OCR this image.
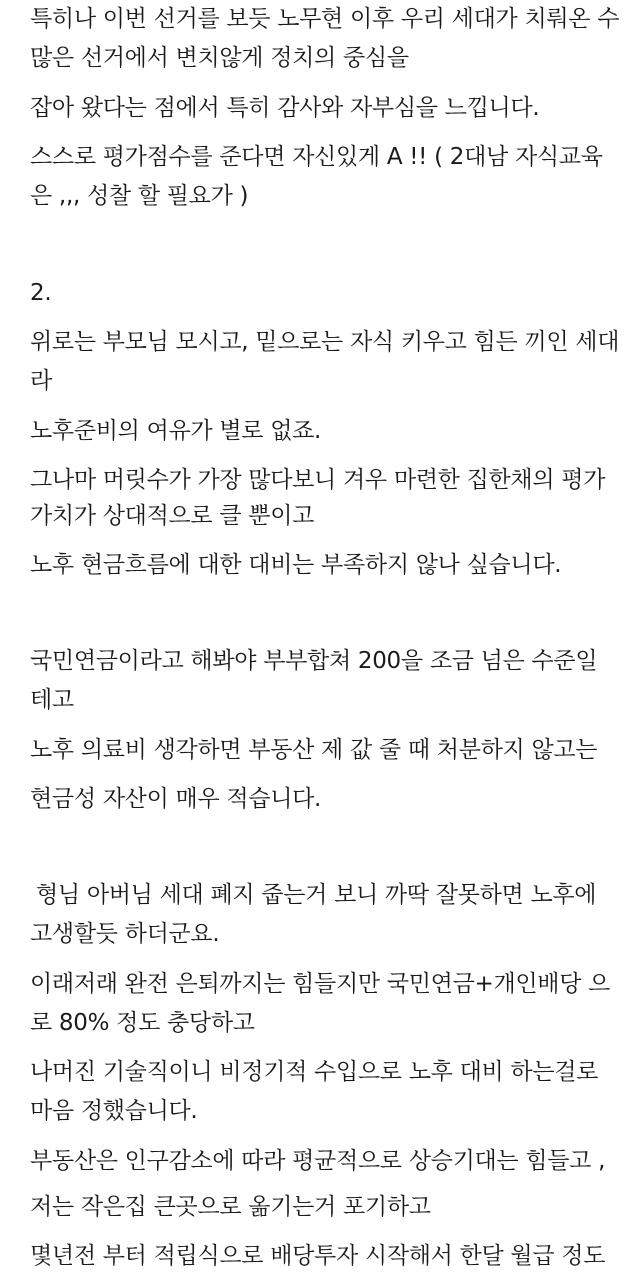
특히나 이번 선거를 보듯 노무현 이후 우리 세대가 치뤄온 수
많은 선거에서 변치않게 정치의 중심을
잡아 왔다는 점에서 특히 감사와 자부심을 느낍니다.
스스로 평가점수를 준다면 자신있게 A !! ( 2대남 자식교육
은 ,,, 성찰 할 필요가 )
2.
위로는 부모님 모시고, 밑으로는 자식 키우고 힘든 끼인 세대
라
노후준비의 여유가 별로 없죠.
그나마 머릿수가 가장 많다보니 겨우 마련한 집한채의 평가
가치가 상대적으로 클 뿐이고
노후 현금흐름에 대한 대비는 부족하지 않나 싶습니다.
국민연금이라고 해봐야 부부합쳐 200을 조금 넘은 수준일
테고
노후 의료비 생각하면 부동산 제 값 줄 때 처분하지 않고는
현금성 자산이 매우 적습니다.
형님 아버님 세대 폐지 줍는거 보니 까딱 잘못하면 노후에
고생할듯 하더군요.
이래저래 완전 은퇴까지는 힘들지만 국민연금+개인배당 으
로 80% 정도 충당하고
나머진 기술직이니 비정기적 수입으로 노후 대비 하는걸로
마음 정했습니다.
부동산은 인구감소에 따라 평균적으로 상승기대는 힘들고 ,
저는 작은집 큰곳으로 옮기는거 포기하고
몇년전 부터 적립식으로 배당투자 시작해서 한달 월급 정도
